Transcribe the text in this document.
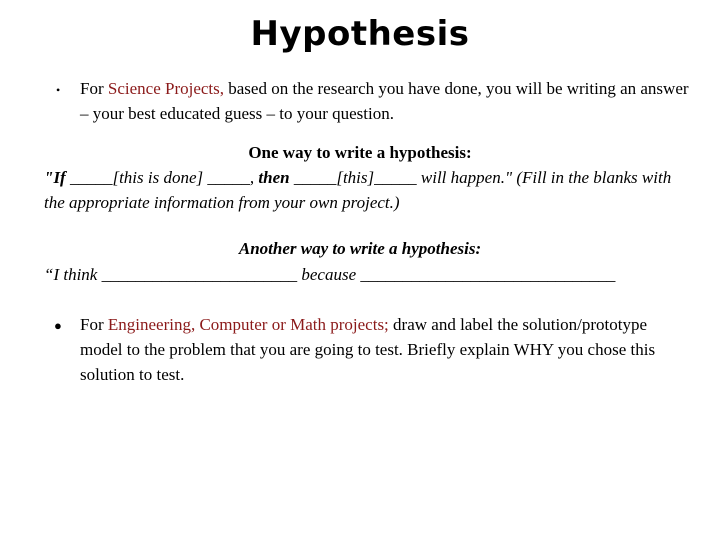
Hypothesis
• For Science Projects, based on the research you have done, you will be writing an answer – your best educated guess – to your question.
One way to write a hypothesis:
"If _____[this is done] _____, then _____[this]_____ will happen." (Fill in the blanks with the appropriate information from your own project.)
Another way to write a hypothesis:
“I think _______________________ because ______________________________
● For Engineering, Computer or Math projects; draw and label the solution/prototype model to the problem that you are going to test. Briefly explain WHY you chose this solution to test.
